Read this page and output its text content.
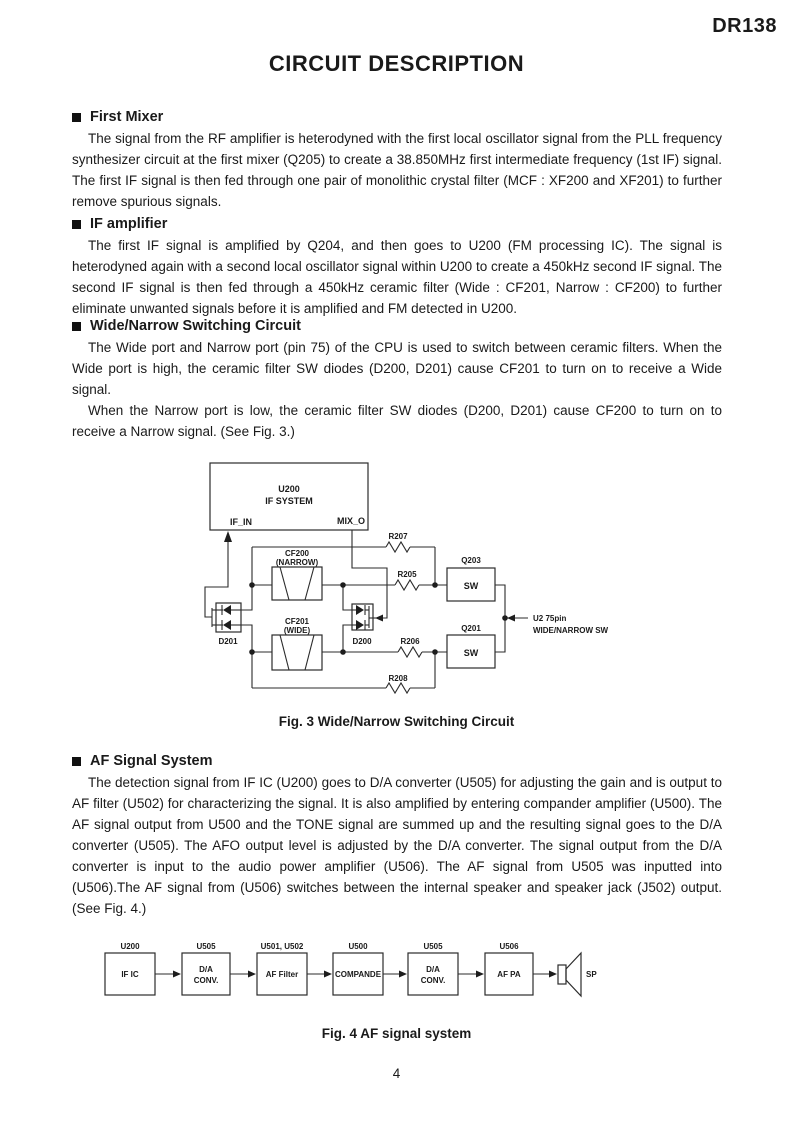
DR138
CIRCUIT DESCRIPTION
First Mixer

The signal from the RF amplifier is heterodyned with the first local oscillator signal from the PLL frequency synthesizer circuit at the first mixer (Q205) to create a 38.850MHz first intermediate frequency (1st IF) signal. The first IF signal is then fed through one pair of monolithic crystal filter (MCF : XF200 and XF201) to further remove spurious signals.

IF amplifier

The first IF signal is amplified by Q204, and then goes to U200 (FM processing IC). The signal is heterodyned again with a second local oscillator signal within U200 to create a 450kHz second IF signal. The second IF signal is then fed through a 450kHz ceramic filter (Wide : CF201, Narrow : CF200) to further eliminate unwanted signals before it is amplified and FM detected in U200.

Wide/Narrow Switching Circuit

The Wide port and Narrow port (pin 75) of the CPU is used to switch between ceramic filters. When the Wide port is high, the ceramic filter SW diodes (D200, D201) cause CF201 to turn on to receive a Wide signal.

When the Narrow port is low, the ceramic filter SW diodes (D200, D201) cause CF200 to turn on to receive a Narrow signal. (See Fig. 3.)

U200
IF SYSTEM
IF_IN	MIX_O
CF200
(NARROW)
CF201
(WIDE)
D201	D200
R207
R205
R206
R208
Q203
SW
Q201
SW
U2 75pin
WIDE/NARROW SW
Fig. 3 Wide/Narrow Switching Circuit
AF Signal System

The detection signal from IF IC (U200) goes to D/A converter (U505) for adjusting the gain and is output to AF filter (U502) for characterizing the signal. It is also amplified by entering compander amplifier (U500). The AF signal output from U500 and the TONE signal are summed up and the resulting signal goes to the D/A converter (U505). The AFO output level is adjusted by the D/A converter. The signal output from the D/A converter is input to the audio power amplifier (U506). The AF signal from U505 was inputted into (U506).The AF signal from (U506) switches between the internal speaker and speaker jack (J502) output. (See Fig. 4.)

U200
IF IC
U505
D/A
CONV.
U501, U502
AF Filter
U500
COMPANDE
U505
D/A
CONV.
U506
AF PA	SP
Fig. 4 AF signal system
4
